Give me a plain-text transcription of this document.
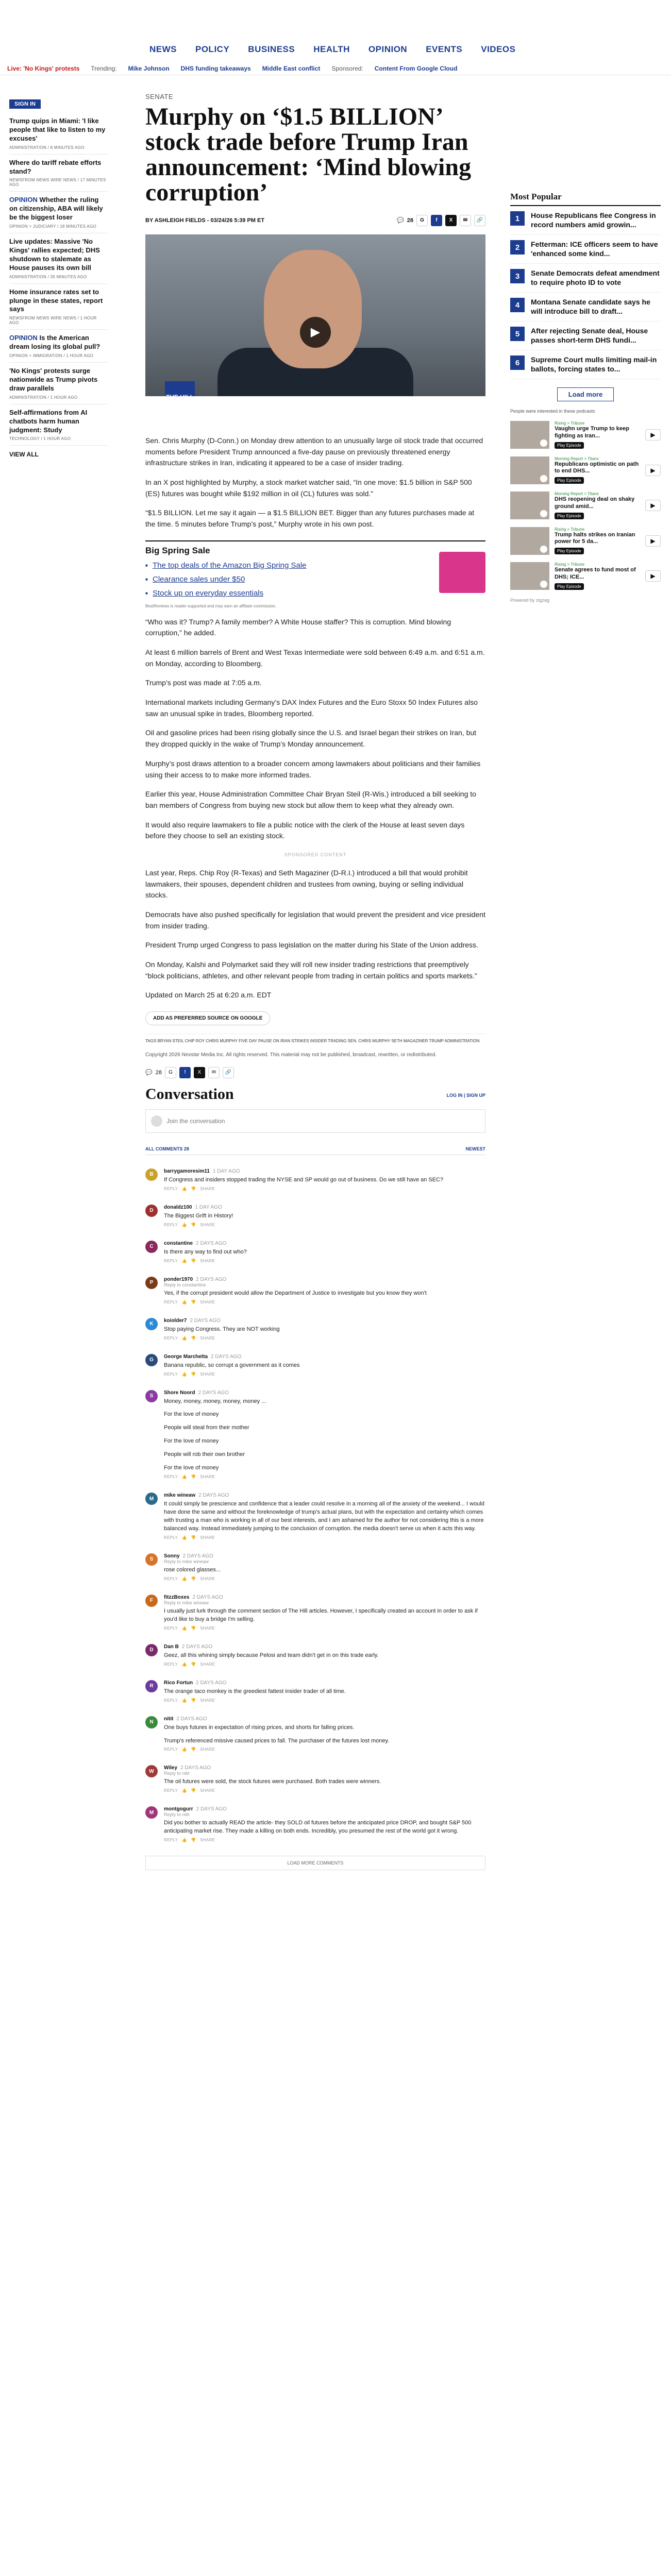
NEWS POLICY BUSINESS HEALTH OPINION EVENTS VIDEOS
Live: 'No Kings' protests Trending: Mike Johnson DHS funding takeaways Middle East conflict Sponsored: Content From Google Cloud
SIGN IN
Trump quips in Miami: 'I like people that like to listen to my excuses'
ADMINISTRATION / 8 MINUTES AGO
Where do tariff rebate efforts stand?
NEWSFROM NEWS WIRE NEWS / 17 MINUTES AGO
OPINION Whether the ruling on citizenship, ABA will likely be the biggest loser
OPINION > JUDICIARY / 18 MINUTES AGO
Live updates: Massive 'No Kings' rallies expected; DHS shutdown to stalemate as House pauses its own bill
ADMINISTRATION / 35 MINUTES AGO
Home insurance rates set to plunge in these states, report says
NEWSFROM NEWS WIRE NEWS / 1 HOUR AGO
OPINION Is the American dream losing its global pull?
OPINION > IMMIGRATION / 1 HOUR AGO
'No Kings' protests surge nationwide as Trump pivots draw parallels
ADMINISTRATION / 1 HOUR AGO
Self-affirmations from AI chatbots harm human judgment: Study
TECHNOLOGY / 1 HOUR AGO
VIEW ALL
SENATE
Murphy on ‘$1.5 BILLION’ stock trade before Trump Iran announcement: ‘Mind blowing corruption’
BY ASHLEIGH FIELDS - 03/24/26 5:39 PM ET	💬 28	G	f	X	✉	🔗
▶

Sen. Chris Murphy (D-Conn.) on Monday drew attention to an unusually large oil stock trade that occurred moments before President Trump announced a five-day pause on previously threatened energy infrastructure strikes in Iran, indicating it appeared to be a case of insider trading.

In an X post highlighted by Murphy, a stock market watcher said, “In one move: $1.5 billion in S&P 500 (ES) futures was bought while $192 million in oil (CL) futures was sold.”

“$1.5 BILLION. Let me say it again — a $1.5 BILLION BET. Bigger than any futures purchases made at the time. 5 minutes before Trump’s post,” Murphy wrote in his own post.

Big Spring Sale
■ The top deals of the Amazon Big Spring Sale
■ Clearance sales under $50
■ Stock up on everyday essentials
BestReviews is reader-supported and may earn an affiliate commission.

“Who was it? Trump? A family member? A White House staffer? This is corruption. Mind blowing corruption,” he added.

At least 6 million barrels of Brent and West Texas Intermediate were sold between 6:49 a.m. and 6:51 a.m. on Monday, according to Bloomberg.

Trump’s post was made at 7:05 a.m.

International markets including Germany’s DAX Index Futures and the Euro Stoxx 50 Index Futures also saw an unusual spike in trades, Bloomberg reported.

Oil and gasoline prices had been rising globally since the U.S. and Israel began their strikes on Iran, but they dropped quickly in the wake of Trump’s Monday announcement.

Murphy’s post draws attention to a broader concern among lawmakers about politicians and their families using their access to to make more informed trades.

Earlier this year, House Administration Committee Chair Bryan Steil (R-Wis.) introduced a bill seeking to ban members of Congress from buying new stock but allow them to keep what they already own.

It would also require lawmakers to file a public notice with the clerk of the House at least seven days before they choose to sell an existing stock.

SPONSORED CONTENT

Last year, Reps. Chip Roy (R-Texas) and Seth Magaziner (D-R.I.) introduced a bill that would prohibit lawmakers, their spouses, dependent children and trustees from owning, buying or selling individual stocks.

Democrats have also pushed specifically for legislation that would prevent the president and vice president from insider trading.

President Trump urged Congress to pass legislation on the matter during his State of the Union address.

On Monday, Kalshi and Polymarket said they will roll new insider trading restrictions that preemptively “block politicians, athletes, and other relevant people from trading in certain politics and sports markets.”

Updated on March 25 at 6:20 a.m. EDT

ADD AS PREFERRED SOURCE ON GOOGLE
TAGS BRYAN STEIL CHIP ROY CHRIS MURPHY FIVE DAY PAUSE ON IRAN STRIKES INSIDER TRADING SEN. CHRIS MURPHY SETH MAGAZINER TRUMP ADMINISTRATION
Copyright 2026 Nexstar Media Inc. All rights reserved. This material may not be published, broadcast, rewritten, or redistributed.
💬 28	G	f	X	✉	🔗
Conversation	LOG IN | SIGN UP
Join the conversation
ALL COMMENTS 28	NEWEST
B
barrygamoresim11 1 DAY AGO
If Congress and insiders stopped trading the NYSE and SP would go out of business. Do we still have an SEC?
REPLY   👍   👎   SHARE
D
donaldz100 1 DAY AGO
The Biggest Grift in History!
REPLY   👍   👎   SHARE
C
constantine 2 DAYS AGO
Is there any way to find out who?
REPLY   👍   👎   SHARE
P
ponder1970 2 DAYS AGO
Reply to constantine
Yes, if the corrupt president would allow the Department of Justice to investigate but you know they won't
REPLY   👍   👎   SHARE
K
koiolder7 2 DAYS AGO
Stop paying Congress. They are NOT working
REPLY   👍   👎   SHARE
G
George Marchetta 2 DAYS AGO
Banana republic, so corrupt a government as it comes
REPLY   👍   👎   SHARE
S
Shore Noord 2 DAYS AGO
Money, money, money, money, money ...
For the love of money
People will steal from their mother
For the love of money
People will rob their own brother
For the love of money
REPLY   👍   👎   SHARE
M
mike wineaw 2 DAYS AGO
It could simply be prescience and confidence that a leader could resolve in a morning all of the anxiety of the weekend... I would have done the same and without the foreknowledge of trump's actual plans, but with the expectation and certainty which comes with trusting a man who is working in all of our best interests, and I am ashamed for the author for not considering this is a more balanced way. Instead immediately jumping to the conclusion of corruption. the media doesn't serve us when it acts this way.
REPLY   👍   👎   SHARE
S
Sonny 2 DAYS AGO
Reply to mike wineaw
rose colored glasses...
REPLY   👍   👎   SHARE
F
fitzzBoxes 2 DAYS AGO
Reply to mike wineaw
I usually just lurk through the comment section of The Hill articles. However, I specifically created an account in order to ask if you'd like to buy a bridge I'm selling.
REPLY   👍   👎   SHARE
D
Dan B 2 DAYS AGO
Geez, all this whining simply because Pelosi and team didn't get in on this trade early.
REPLY   👍   👎   SHARE
R
Rico Fortun 2 DAYS AGO
The orange taco monkey is the greediest fattest insider trader of all time.
REPLY   👍   👎   SHARE
N
nitit 2 DAYS AGO
One buys futures in expectation of rising prices, and shorts for falling prices.
Trump's referenced missive caused prices to fall. The purchaser of the futures lost money.
REPLY   👍   👎   SHARE
W
Wiley 2 DAYS AGO
Reply to nitit
The oil futures were sold, the stock futures were purchased. Both trades were winners.
REPLY   👍   👎   SHARE
M
montgogurr 2 DAYS AGO
Reply to nitit
Did you bother to actually READ the article- they SOLD oil futures before the anticipated price DROP, and bought S&P 500 anticipating market rise. They made a killing on both ends. Incredibly, you presumed the rest of the world got it wrong.
REPLY   👍   👎   SHARE
LOAD MORE COMMENTS
Most Popular
1	House Republicans flee Congress in record numbers amid growin...
2	Fetterman: ICE officers seem to have 'enhanced some kind...
3	Senate Democrats defeat amendment to require photo ID to vote
4	Montana Senate candidate says he will introduce bill to draft...
5	After rejecting Senate deal, House passes short-term DHS fundi...
6	Supreme Court mulls limiting mail-in ballots, forcing states to...
Load more
People were interested in these podcasts
Rising > Tribune
Vaughn urge Trump to keep fighting as Iran...
Play Episode
▶
Morning Report > Titans
Republicans optimistic on path to end DHS...
Play Episode
▶
Morning Report > Titans
DHS reopening deal on shaky ground amid...
Play Episode
▶
Rising > Tribune
Trump halts strikes on Iranian power for 5 da...
Play Episode
▶
Rising > Tribune
Senate agrees to fund most of DHS; ICE...
Play Episode
▶
Powered by zigzag
